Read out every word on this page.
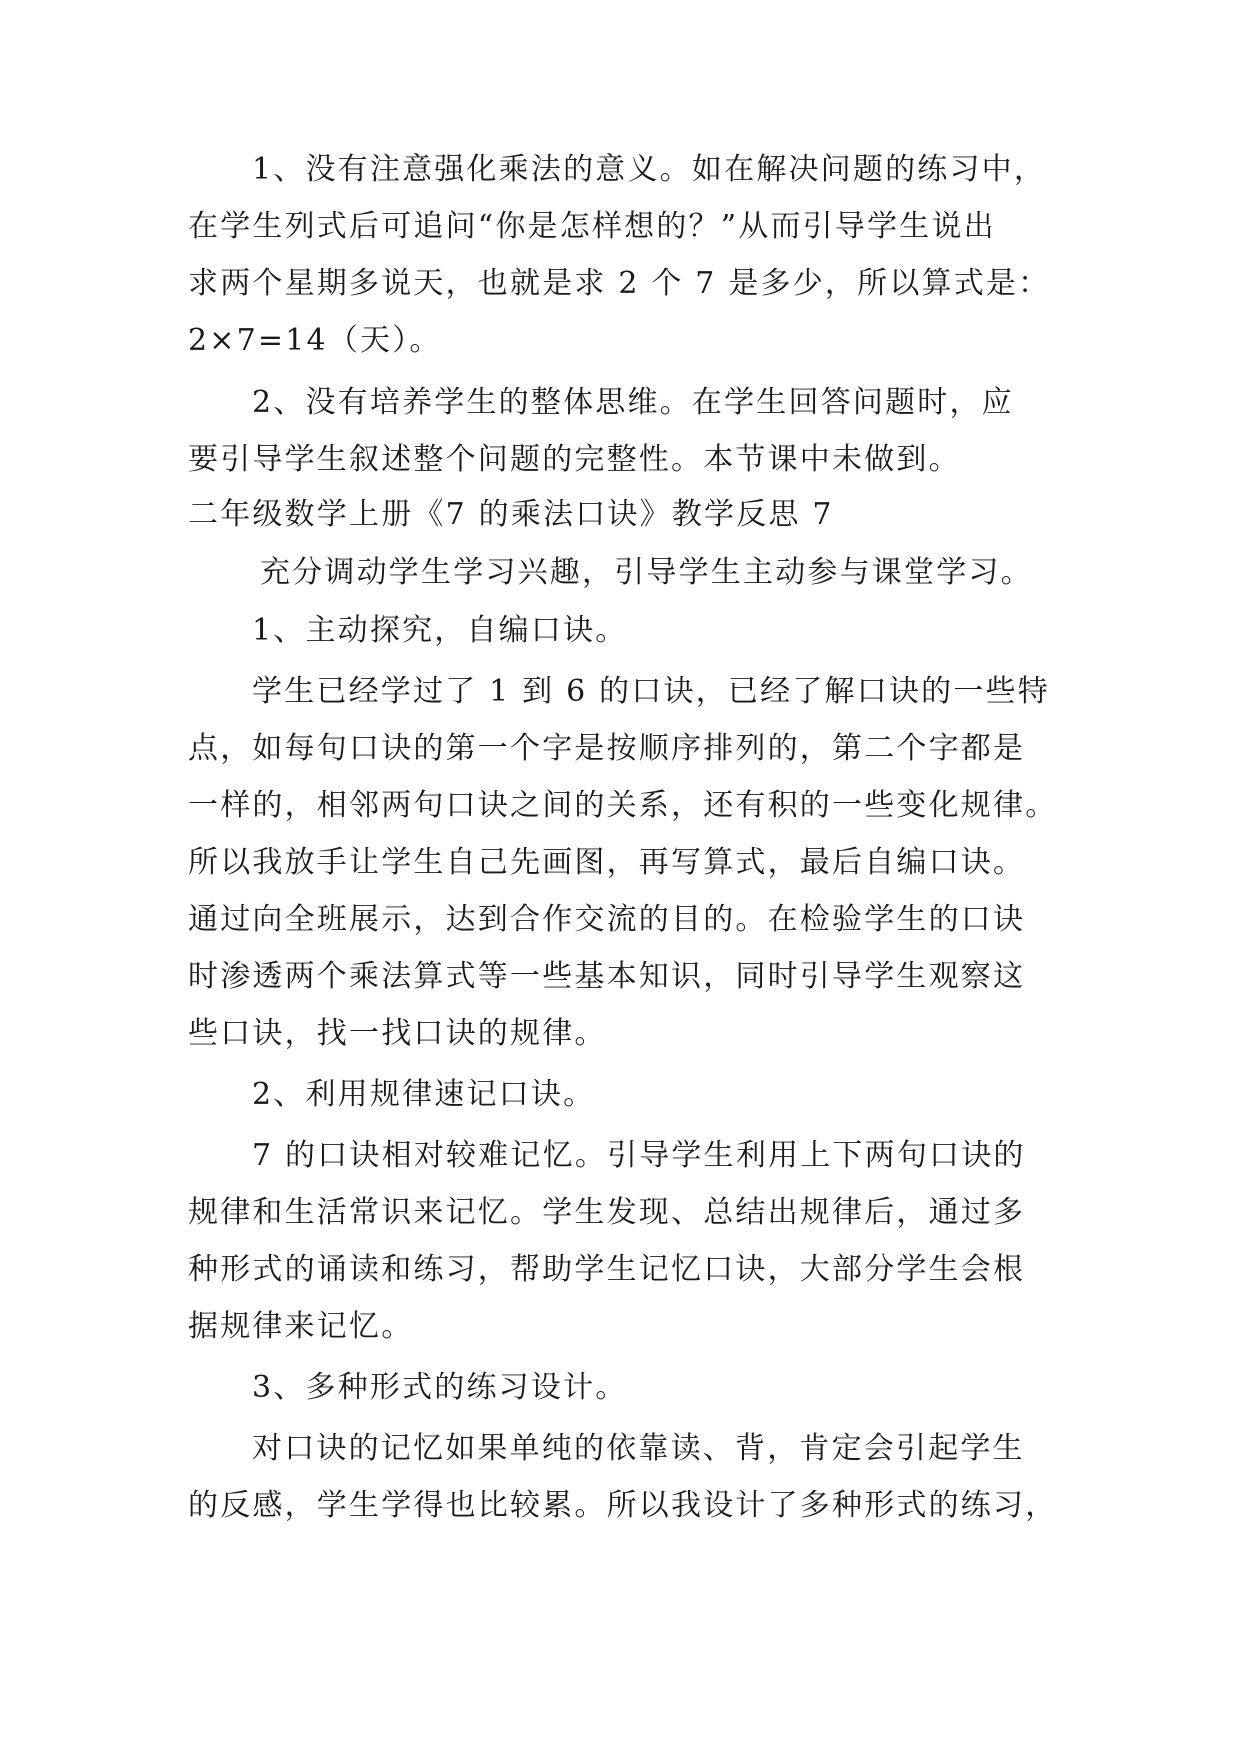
1、没有注意强化乘法的意义。如在解决问题的练习中，
在学生列式后可追问“你是怎样想的？”从而引导学生说出
求两个星期多说天，也就是求 2 个 7 是多少，所以算式是：
2×7=14（天）。
2、没有培养学生的整体思维。在学生回答问题时，应
要引导学生叙述整个问题的完整性。本节课中未做到。
二年级数学上册《7 的乘法口诀》教学反思 7
充分调动学生学习兴趣，引导学生主动参与课堂学习。
1、主动探究，自编口诀。
学生已经学过了 1 到 6 的口诀，已经了解口诀的一些特
点，如每句口诀的第一个字是按顺序排列的，第二个字都是
一样的，相邻两句口诀之间的关系，还有积的一些变化规律。
所以我放手让学生自己先画图，再写算式，最后自编口诀。
通过向全班展示，达到合作交流的目的。在检验学生的口诀
时渗透两个乘法算式等一些基本知识，同时引导学生观察这
些口诀，找一找口诀的规律。
2、利用规律速记口诀。
7 的口诀相对较难记忆。引导学生利用上下两句口诀的
规律和生活常识来记忆。学生发现、总结出规律后，通过多
种形式的诵读和练习，帮助学生记忆口诀，大部分学生会根
据规律来记忆。
3、多种形式的练习设计。
对口诀的记忆如果单纯的依靠读、背，肯定会引起学生
的反感，学生学得也比较累。所以我设计了多种形式的练习，
